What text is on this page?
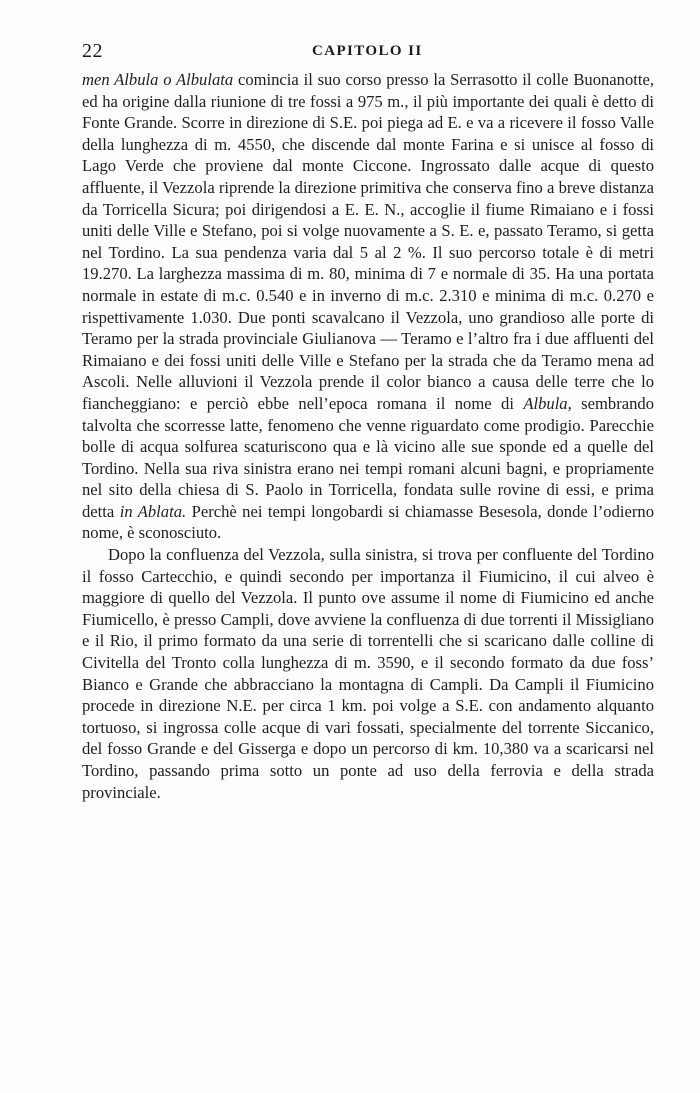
22	CAPITOLO II

men Albula o Albulata comincia il suo corso presso la Serrasotto il colle Buonanotte, ed ha origine dalla riunione di tre fossi a 975 m., il più importante dei quali è detto di Fonte Grande. Scorre in direzione di S.E. poi piega ad E. e va a ricevere il fosso Valle della lunghezza di m. 4550, che discende dal monte Farina e si unisce al fosso di Lago Verde che proviene dal monte Ciccone. Ingrossato dalle acque di questo affluente, il Vezzola riprende la direzione primitiva che conserva fino a breve distanza da Torricella Sicura; poi dirigendosi a E. E. N., accoglie il fiume Rimaiano e i fossi uniti delle Ville e Stefano, poi si volge nuovamente a S. E. e, passato Teramo, si getta nel Tordino. La sua pendenza varia dal 5 al 2 %. Il suo percorso totale è di metri 19.270. La larghezza massima di m. 80, minima di 7 e normale di 35. Ha una portata normale in estate di m.c. 0.540 e in inverno di m.c. 2.310 e minima di m.c. 0.270 e rispettivamente 1.030. Due ponti scavalcano il Vezzola, uno grandioso alle porte di Teramo per la strada provinciale Giulianova — Teramo e l’altro fra i due affluenti del Rimaiano e dei fossi uniti delle Ville e Stefano per la strada che da Teramo mena ad Ascoli. Nelle alluvioni il Vezzola prende il color bianco a causa delle terre che lo fiancheggiano: e perciò ebbe nell’epoca romana il nome di Albula, sembrando talvolta che scorresse latte, fenomeno che venne riguardato come prodigio. Parecchie bolle di acqua solfurea scaturiscono qua e là vicino alle sue sponde ed a quelle del Tordino. Nella sua riva sinistra erano nei tempi romani alcuni bagni, e propriamente nel sito della chiesa di S. Paolo in Torricella, fondata sulle rovine di essi, e prima detta in Ablata. Perchè nei tempi longobardi si chiamasse Besesola, donde l’odierno nome, è sconosciuto.

Dopo la confluenza del Vezzola, sulla sinistra, si trova per confluente del Tordino il fosso Cartecchio, e quindi secondo per importanza il Fiumicino, il cui alveo è maggiore di quello del Vezzola. Il punto ove assume il nome di Fiumicino ed anche Fiumicello, è presso Campli, dove avviene la confluenza di due torrenti il Missigliano e il Rio, il primo formato da una serie di torrentelli che si scaricano dalle colline di Civitella del Tronto colla lunghezza di m. 3590, e il secondo formato da due foss’ Bianco e Grande che abbracciano la montagna di Campli. Da Campli il Fiumicino procede in direzione N.E. per circa 1 km. poi volge a S.E. con andamento alquanto tortuoso, si ingrossa colle acque di vari fossati, specialmente del torrente Siccanico, del fosso Grande e del Gisserga e dopo un percorso di km. 10,380 va a scaricarsi nel Tordino, passando prima sotto un ponte ad uso della ferrovia e della strada provinciale.
